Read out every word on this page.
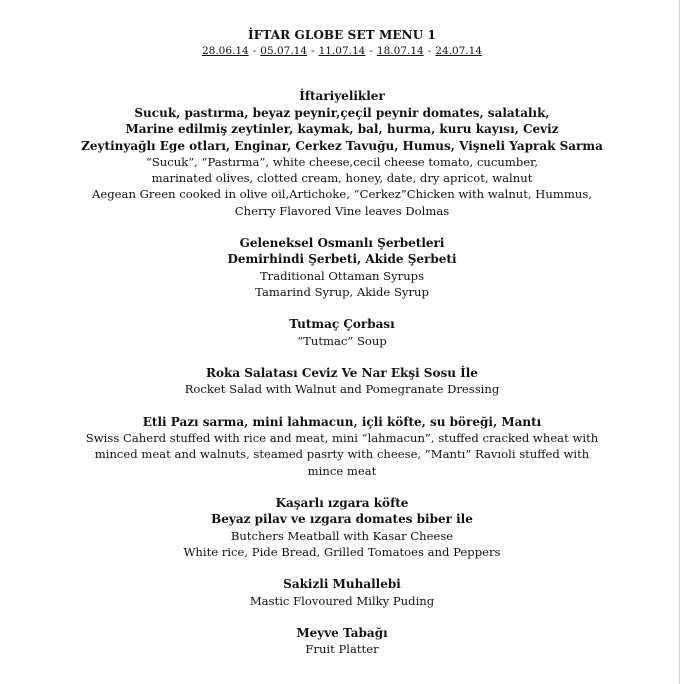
İFTAR GLOBE SET MENU 1
28.06.14 - 05.07.14 - 11.07.14 - 18.07.14 - 24.07.14
İftariyelikler
Sucuk, pastırma, beyaz peynir,çeçil peynir domates, salatalık,
Marine edilmiş zeytinler, kaymak, bal, hurma, kuru kayısı, Ceviz
Zeytinyağlı Ege otları, Enginar, Cerkez Tavuğu, Humus, Vişneli Yaprak Sarma
“Sucuk”, “Pastırma”, white cheese,cecil cheese tomato, cucumber,
marinated olives, clotted cream, honey, date, dry apricot, walnut
Aegean Green cooked in olive oil,Artichoke, “Cerkez”Chicken with walnut, Hummus,
Cherry Flavored Vine leaves Dolmas
Geleneksel Osmanlı Şerbetleri
Demirhindi Şerbeti, Akide Şerbeti
Traditional Ottaman Syrups
Tamarind Syrup, Akide Syrup
Tutmaç Çorbası
“Tutmac” Soup
Roka Salatası Ceviz Ve Nar Ekşi Sosu İle
Rocket Salad with Walnut and Pomegranate Dressing
Etli Pazı sarma, mini lahmacun, içli köfte, su böreği, Mantı
Swiss Caherd stuffed with rice and meat, mini “lahmacun”, stuffed cracked wheat with
minced meat and walnuts, steamed pasrty with cheese, “Mantı” Ravıoli stuffed with
mince meat
Kaşarlı ızgara köfte
Beyaz pilav ve ızgara domates biber ile
Butchers Meatball with Kasar Cheese
White rice, Pide Bread, Grilled Tomatoes and Peppers
Sakizli Muhallebi
Mastic Flovoured Milky Puding
Meyve Tabağı
Fruit Platter
